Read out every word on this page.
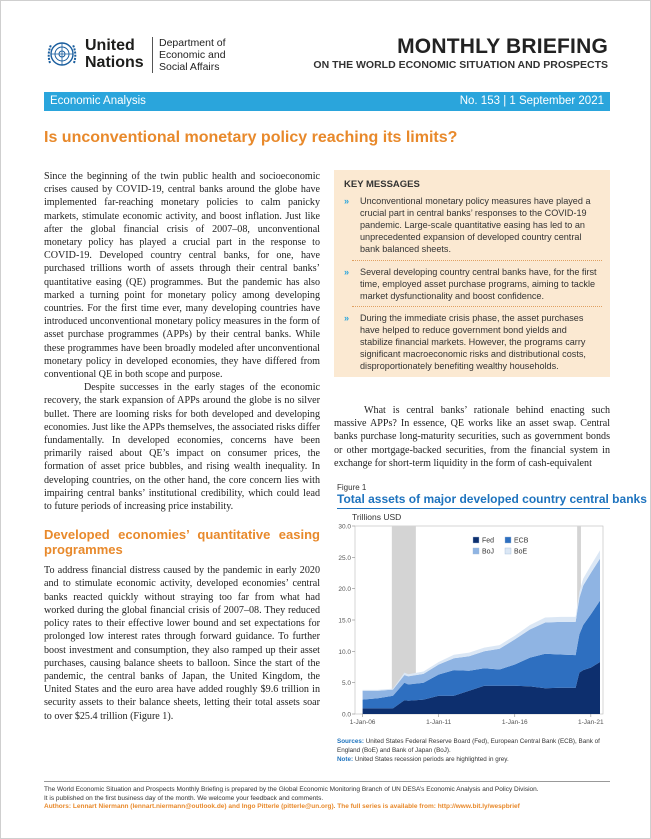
United
Nations
Department of
Economic and
Social Affairs
MONTHLY BRIEFING
ON THE WORLD ECONOMIC SITUATION AND PROSPECTS
Economic Analysis	No. 153 | 1 September 2021
Is unconventional monetary policy reaching its limits?

Since the beginning of the twin public health and socioeconomic crises caused by COVID-19, central banks around the globe have implemented far-reaching monetary policies to calm panicky markets, stimulate economic activity, and boost inflation. Just like after the global financial crisis of 2007–08, unconventional monetary policy has played a crucial part in the response to COVID-19. Developed country central banks, for one, have purchased trillions worth of assets through their central banks’ quantitative easing (QE) programmes. But the pandemic has also marked a turning point for monetary policy among developing countries. For the first time ever, many developing countries have introduced unconventional monetary policy measures in the form of asset purchase programmes (APPs) by their central banks. While these programmes have been broadly modeled after unconventional monetary policy in developed economies, they have differed from conventional QE in both scope and purpose.

Despite successes in the early stages of the economic recovery, the stark expansion of APPs around the globe is no silver bullet. There are looming risks for both developed and developing economies. Just like the APPs themselves, the associated risks differ fundamentally. In developed economies, concerns have been primarily raised about QE’s impact on consumer prices, the formation of asset price bubbles, and rising wealth inequality. In developing countries, on the other hand, the core concern lies with impairing central banks’ institutional credibility, which could lead to future periods of increasing price instability.

Developed economies’ quantitative easing programmes

To address financial distress caused by the pandemic in early 2020 and to stimulate economic activity, developed economies’ central banks reacted quickly without straying too far from what had worked during the global financial crisis of 2007–08. They reduced policy rates to their effective lower bound and set expectations for prolonged low interest rates through forward guidance. To further boost investment and consumption, they also ramped up their asset purchases, causing balance sheets to balloon. Since the start of the pandemic, the central banks of Japan, the United Kingdom, the United States and the euro area have added roughly $9.6 trillion in security assets to their balance sheets, letting their total assets soar to over $25.4 trillion (Figure 1).

KEY MESSAGES
»	Unconventional monetary policy measures have played a crucial part in central banks’ responses to the COVID-19 pandemic. Large-scale quantitative easing has led to an unprecedented expansion of developed country central bank balanced sheets.
»	Several developing country central banks have, for the first time, employed asset purchase programs, aiming to tackle market dysfunctionality and boost confidence.
»	During the immediate crisis phase, the asset purchases have helped to reduce government bond yields and stabilize financial markets. However, the programs carry significant macroeconomic risks and distributional costs, disproportionately benefiting wealthy households.

What is central banks’ rationale behind enacting such massive APPs? In essence, QE works like an asset swap. Central banks purchase long-maturity securities, such as government bonds or other mortgage-backed securities, from the financial system in exchange for short-term liquidity in the form of cash-equivalent

Figure 1
Total assets of major developed country central banks
Trillions USD
0.0
5.0
10.0
15.0
20.0
25.0
30.0
1-Jan-06	1-Jan-11	1-Jan-16	1-Jan-21
Fed	ECB
BoJ	BoE
Sources: United States Federal Reserve Board (Fed), European Central Bank (ECB), Bank of England (BoE) and Bank of Japan (BoJ).
Note: United States recession periods are highlighted in grey.
The World Economic Situation and Prospects Monthly Briefing is prepared by the Global Economic Monitoring Branch of UN DESA’s Economic Analysis and Policy Division.
It is published on the first business day of the month. We welcome your feedback and comments.
Authors: Lennart Niermann (lennart.niermann@outlook.de) and Ingo Pitterle (pitterle@un.org). The full series is available from: http://www.bit.ly/wespbrief
